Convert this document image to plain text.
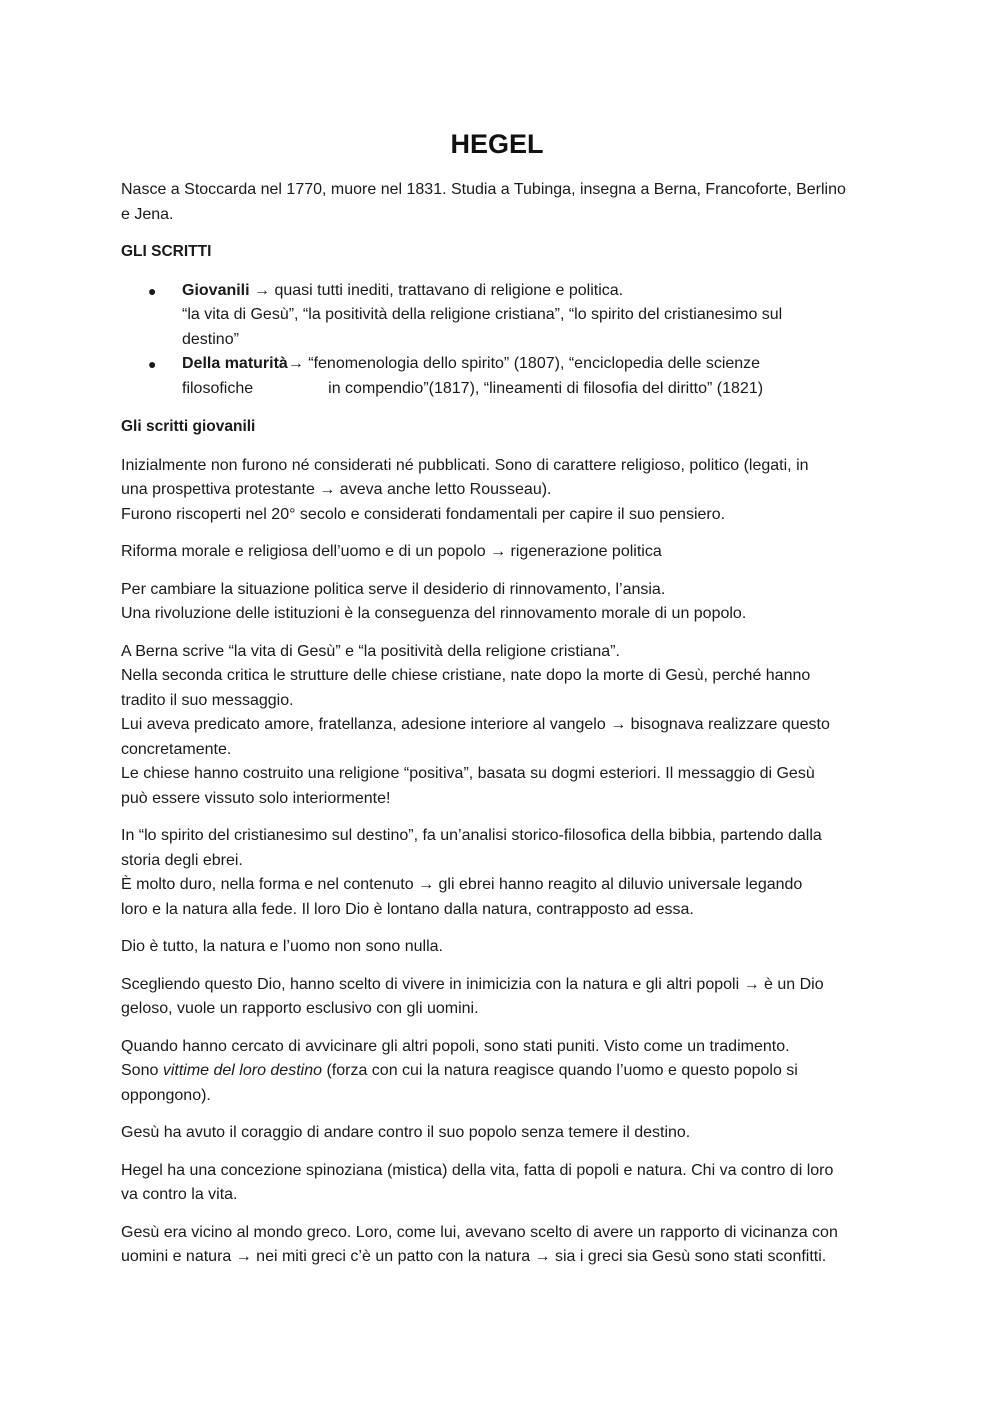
HEGEL

Nasce a Stoccarda nel 1770, muore nel 1831. Studia a Tubinga, insegna a Berna, Francoforte, Berlino
e Jena.

GLI SCRITTI

● Giovanili → quasi tutti inediti, trattavano di religione e politica.
“la vita di Gesù”, “la positività della religione cristiana”, “lo spirito del cristianesimo sul
destino”
● Della maturità→ “fenomenologia dello spirito” (1807), “enciclopedia delle scienze
filosofiche	in compendio”(1817), “lineamenti di filosofia del diritto” (1821)

Gli scritti giovanili

Inizialmente non furono né considerati né pubblicati. Sono di carattere religioso, politico (legati, in
una prospettiva protestante → aveva anche letto Rousseau).
Furono riscoperti nel 20° secolo e considerati fondamentali per capire il suo pensiero.

Riforma morale e religiosa dell’uomo e di un popolo → rigenerazione politica

Per cambiare la situazione politica serve il desiderio di rinnovamento, l’ansia.
Una rivoluzione delle istituzioni è la conseguenza del rinnovamento morale di un popolo.

A Berna scrive “la vita di Gesù” e “la positività della religione cristiana”.
Nella seconda critica le strutture delle chiese cristiane, nate dopo la morte di Gesù, perché hanno
tradito il suo messaggio.
Lui aveva predicato amore, fratellanza, adesione interiore al vangelo → bisognava realizzare questo
concretamente.
Le chiese hanno costruito una religione “positiva”, basata su dogmi esteriori. Il messaggio di Gesù
può essere vissuto solo interiormente!

In “lo spirito del cristianesimo sul destino”, fa un’analisi storico-filosofica della bibbia, partendo dalla
storia degli ebrei.
È molto duro, nella forma e nel contenuto → gli ebrei hanno reagito al diluvio universale legando
loro e la natura alla fede. Il loro Dio è lontano dalla natura, contrapposto ad essa.

Dio è tutto, la natura e l’uomo non sono nulla.

Scegliendo questo Dio, hanno scelto di vivere in inimicizia con la natura e gli altri popoli → è un Dio
geloso, vuole un rapporto esclusivo con gli uomini.

Quando hanno cercato di avvicinare gli altri popoli, sono stati puniti. Visto come un tradimento.
Sono vittime del loro destino (forza con cui la natura reagisce quando l’uomo e questo popolo si
oppongono).

Gesù ha avuto il coraggio di andare contro il suo popolo senza temere il destino.

Hegel ha una concezione spinoziana (mistica) della vita, fatta di popoli e natura. Chi va contro di loro
va contro la vita.

Gesù era vicino al mondo greco. Loro, come lui, avevano scelto di avere un rapporto di vicinanza con
uomini e natura → nei miti greci c’è un patto con la natura → sia i greci sia Gesù sono stati sconfitti.
